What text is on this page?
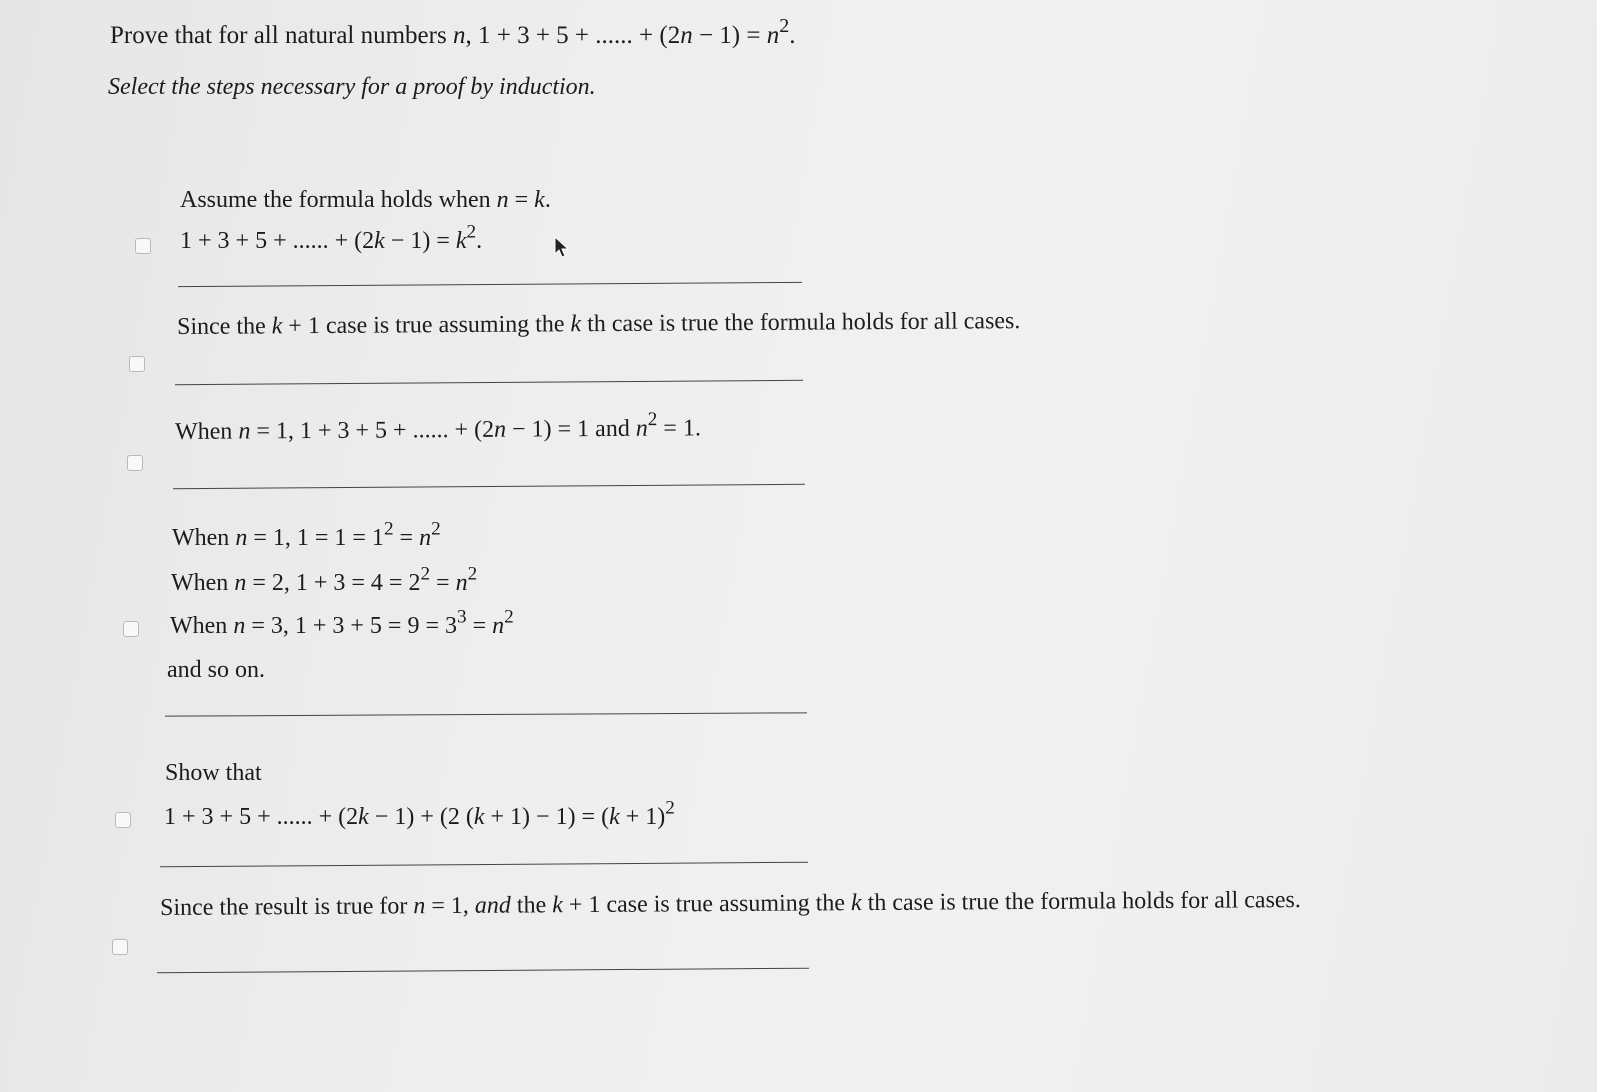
Prove that for all natural numbers n, 1 + 3 + 5 + ...... + $(2n - 1) = n^2$.
Select the steps necessary for a proof by induction.
Assume the formula holds when n = k.
1 + 3 + 5 + ...... + $(2k - 1) = k^2$.
Since the k + 1 case is true assuming the k th case is true the formula holds for all cases.
When n = 1, 1 + 3 + 5 + ...... + (2n − 1) = 1 and $n^2 = 1$.
When n = 1, $1 = 1 = 1^2 = n^2$
When n = 2, $1 + 3 = 4 = 2^2 = n^2$
When n = 3, $1 + 3 + 5 = 9 = 3^3 = n^2$
and so on.
Show that
1 + 3 + 5 + ...... + (2k − 1) + (2 $(k + 1) - 1) = (k + 1)^2$
Since the result is true for n = 1, and the k + 1 case is true assuming the k th case is true the formula holds for all cases.
